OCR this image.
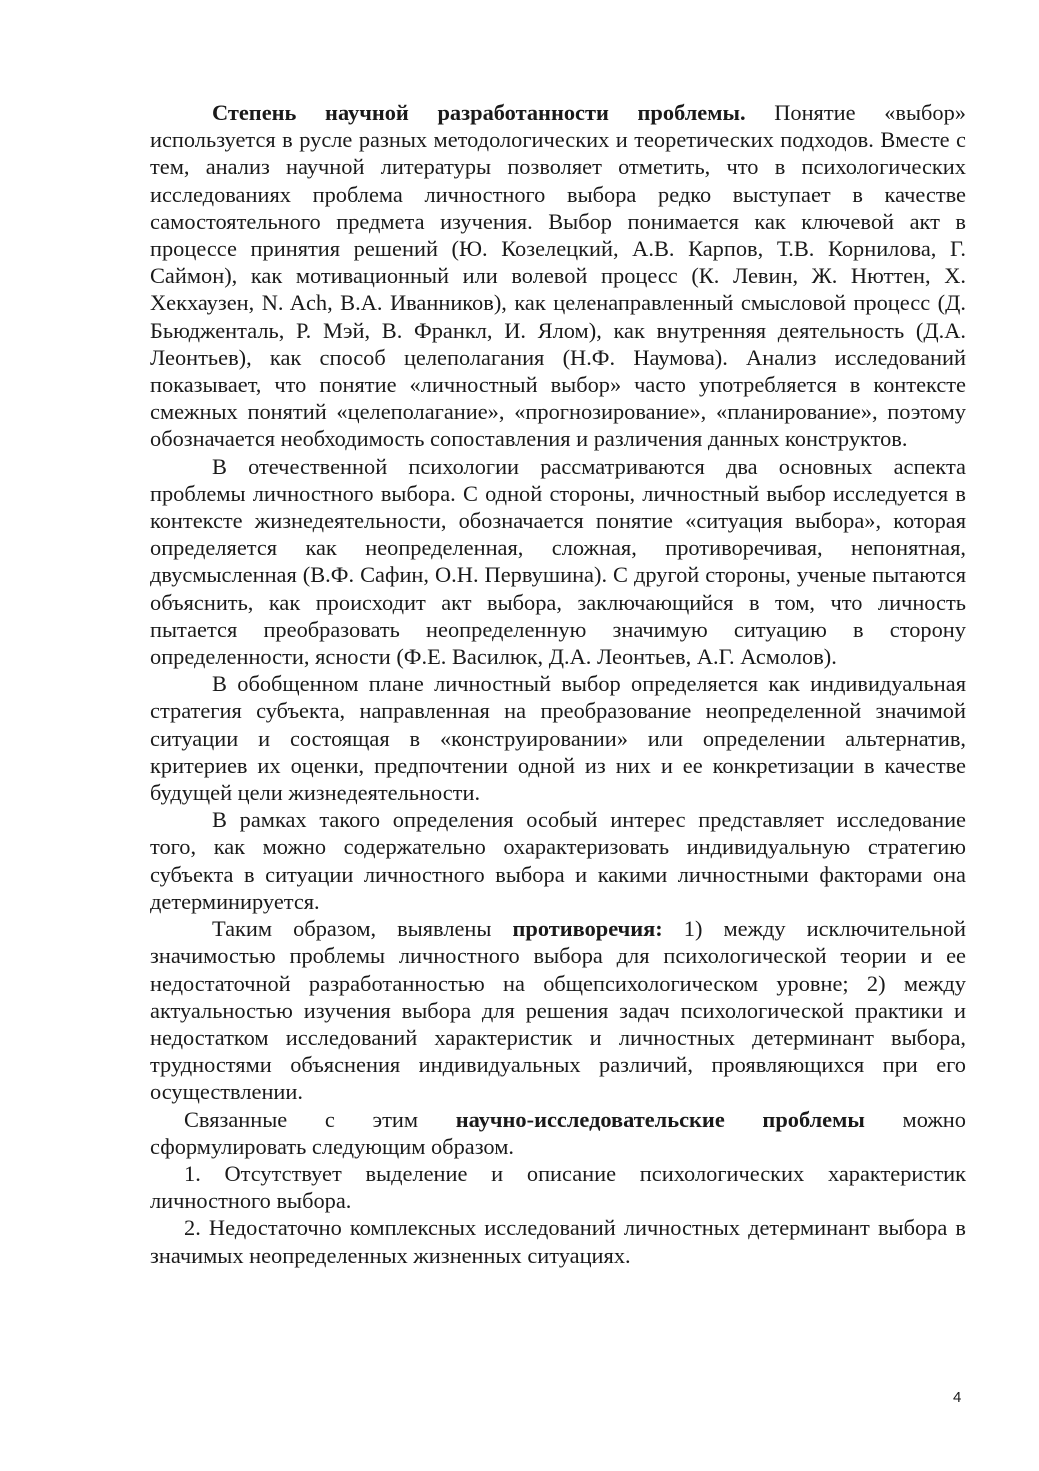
Степень научной разработанности проблемы. Понятие «выбор» используется в русле разных методологических и теоретических подходов. Вместе с тем, анализ научной литературы позволяет отметить, что в психологических исследованиях проблема личностного выбора редко выступает в качестве самостоятельного предмета изучения. Выбор понимается как ключевой акт в процессе принятия решений (Ю. Козелецкий, А.В. Карпов, Т.В. Корнилова, Г. Саймон), как мотивационный или волевой процесс (К. Левин, Ж. Нюттен, Х. Хекхаузен, N. Ach, В.А. Иванников), как целенаправленный смысловой процесс (Д. Бьюдженталь, Р. Мэй, В. Франкл, И. Ялом), как внутренняя деятельность (Д.А. Леонтьев), как способ целеполагания (Н.Ф. Наумова). Анализ исследований показывает, что понятие «личностный выбор» часто употребляется в контексте смежных понятий «целеполагание», «прогнозирование», «планирование», поэтому обозначается необходимость сопоставления и различения данных конструктов.

В отечественной психологии рассматриваются два основных аспекта проблемы личностного выбора. С одной стороны, личностный выбор исследуется в контексте жизнедеятельности, обозначается понятие «ситуация выбора», которая определяется как неопределенная, сложная, противоречивая, непонятная, двусмысленная (В.Ф. Сафин, О.Н. Первушина). С другой стороны, ученые пытаются объяснить, как происходит акт выбора, заключающийся в том, что личность пытается преобразовать неопределенную значимую ситуацию в сторону определенности, ясности (Ф.Е. Василюк, Д.А. Леонтьев, А.Г. Асмолов).

В обобщенном плане личностный выбор определяется как индивидуальная стратегия субъекта, направленная на преобразование неопределенной значимой ситуации и состоящая в «конструировании» или определении альтернатив, критериев их оценки, предпочтении одной из них и ее конкретизации в качестве будущей цели жизнедеятельности.

В рамках такого определения особый интерес представляет исследование того, как можно содержательно охарактеризовать индивидуальную стратегию субъекта в ситуации личностного выбора и какими личностными факторами она детерминируется.

Таким образом, выявлены противоречия: 1) между исключительной значимостью проблемы личностного выбора для психологической теории и ее недостаточной разработанностью на общепсихологическом уровне; 2) между актуальностью изучения выбора для решения задач психологической практики и недостатком исследований характеристик и личностных детерминант выбора, трудностями объяснения индивидуальных различий, проявляющихся при его осуществлении.

Связанные с этим научно-исследовательские проблемы можно сформулировать следующим образом.

1. Отсутствует выделение и описание психологических характеристик личностного выбора.

2. Недостаточно комплексных исследований личностных детерминант выбора в значимых неопределенных жизненных ситуациях.

4
